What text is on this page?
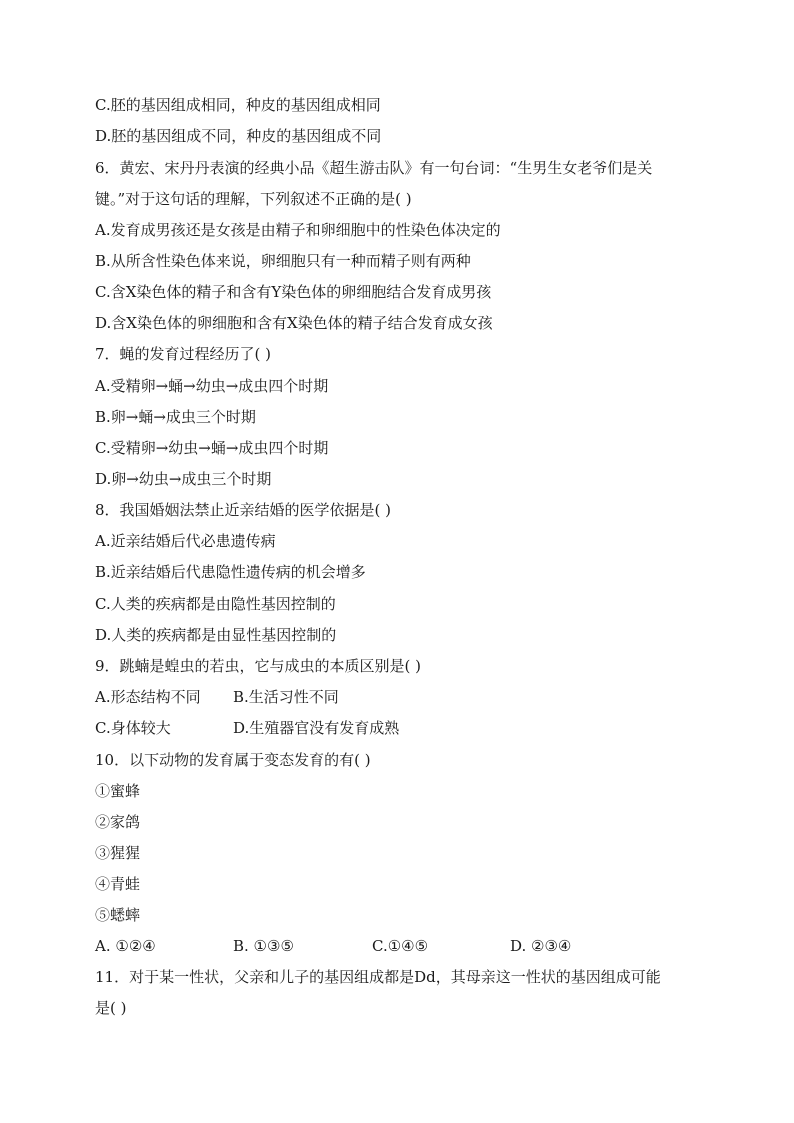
C.胚的基因组成相同，种皮的基因组成相同
D.胚的基因组成不同，种皮的基因组成不同
6．黄宏、宋丹丹表演的经典小品《超生游击队》有一句台词：“生男生女老爷们是关
键。”对于这句话的理解，下列叙述不正确的是( )
A.发育成男孩还是女孩是由精子和卵细胞中的性染色体决定的
B.从所含性染色体来说，卵细胞只有一种而精子则有两种
C.含X染色体的精子和含有Y染色体的卵细胞结合发育成男孩
D.含X染色体的卵细胞和含有X染色体的精子结合发育成女孩
7．蝇的发育过程经历了( )
A.受精卵→蛹→幼虫→成虫四个时期
B.卵→蛹→成虫三个时期
C.受精卵→幼虫→蛹→成虫四个时期
D.卵→幼虫→成虫三个时期
8．我国婚姻法禁止近亲结婚的医学依据是( )
A.近亲结婚后代必患遗传病
B.近亲结婚后代患隐性遗传病的机会增多
C.人类的疾病都是由隐性基因控制的
D.人类的疾病都是由显性基因控制的
9．跳蝻是蝗虫的若虫，它与成虫的本质区别是( )
A.形态结构不同 B.生活习性不同
C.身体较大	D.生殖器官没有发育成熟
10．以下动物的发育属于变态发育的有( )
①蜜蜂
②家鸽
③猩猩
④青蛙
⑤蟋蟀
A. ①②④	B. ①③⑤	C.①④⑤	D. ②③④
11．对于某一性状，父亲和儿子的基因组成都是Dd，其母亲这一性状的基因组成可能
是( )
